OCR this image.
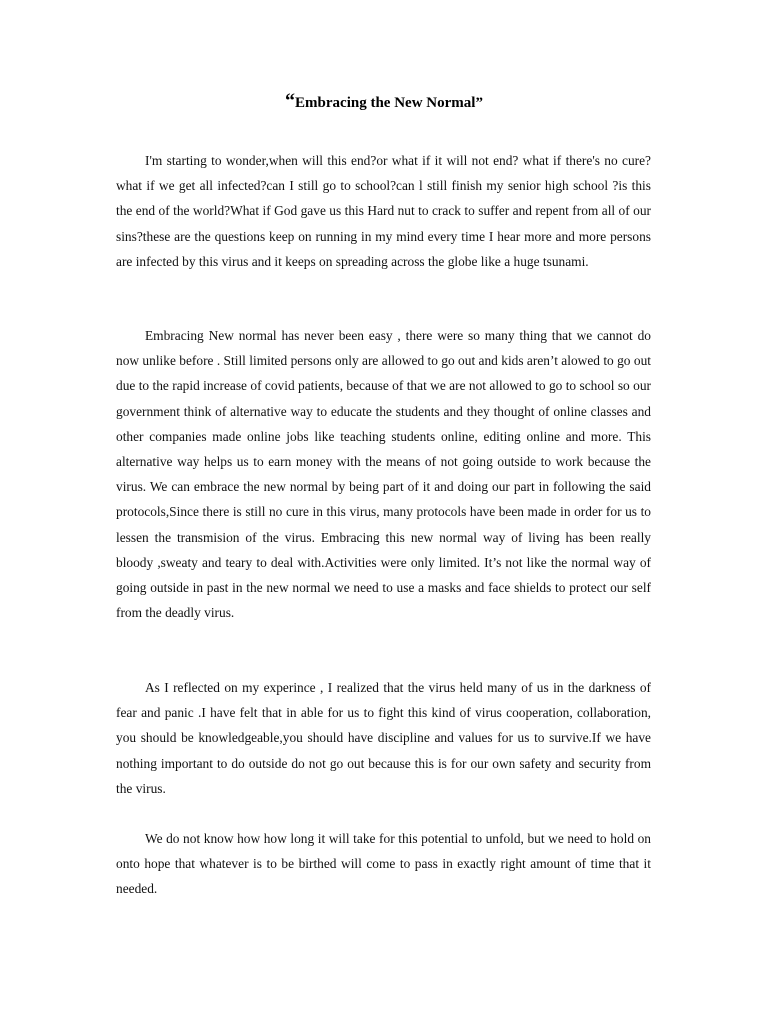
“Embracing the New Normal”

I'm starting to wonder,when will this end?or what if it will not end? what if there's no cure?what if we get all infected?can I still go to school?can l still finish my senior high school ?is this the end of the world?What if God gave us this Hard nut to crack to suffer and repent from all of our sins?these are the questions keep on running in my mind every time I hear more and more persons are infected by this virus and it keeps on spreading across the globe like a huge tsunami.

Embracing New normal has never been easy , there were so many thing that we cannot do now unlike before . Still limited persons only are allowed to go out and kids aren’t alowed to go out due to the rapid increase of covid patients, because of that we are not allowed to go to school so our government think of alternative way to educate the students and they thought of online classes and other companies made online jobs like teaching students online, editing online and more. This alternative way helps us to earn money with the means of not going outside to work because the virus. We can embrace the new normal by being part of it and doing our part in following the said protocols,Since there is still no cure in this virus, many protocols have been made in order for us to lessen the transmision of the virus. Embracing this new normal way of living has been really bloody ,sweaty and teary to deal with.Activities were only limited. It’s not like the normal way of going outside in past in the new normal we need to use a masks and face shields to protect our self from the deadly virus.

As I reflected on my experince , I realized that the virus held many of us in the darkness of fear and panic .I have felt that in able for us to fight this kind of virus cooperation, collaboration, you should be knowledgeable,you should have discipline and values for us to survive.If we have nothing important to do outside do not go out because this is for our own safety and security from the virus.

We do not know how how long it will take for this potential to unfold, but we need to hold on onto hope that whatever is to be birthed will come to pass in exactly right amount of time that it needed.
